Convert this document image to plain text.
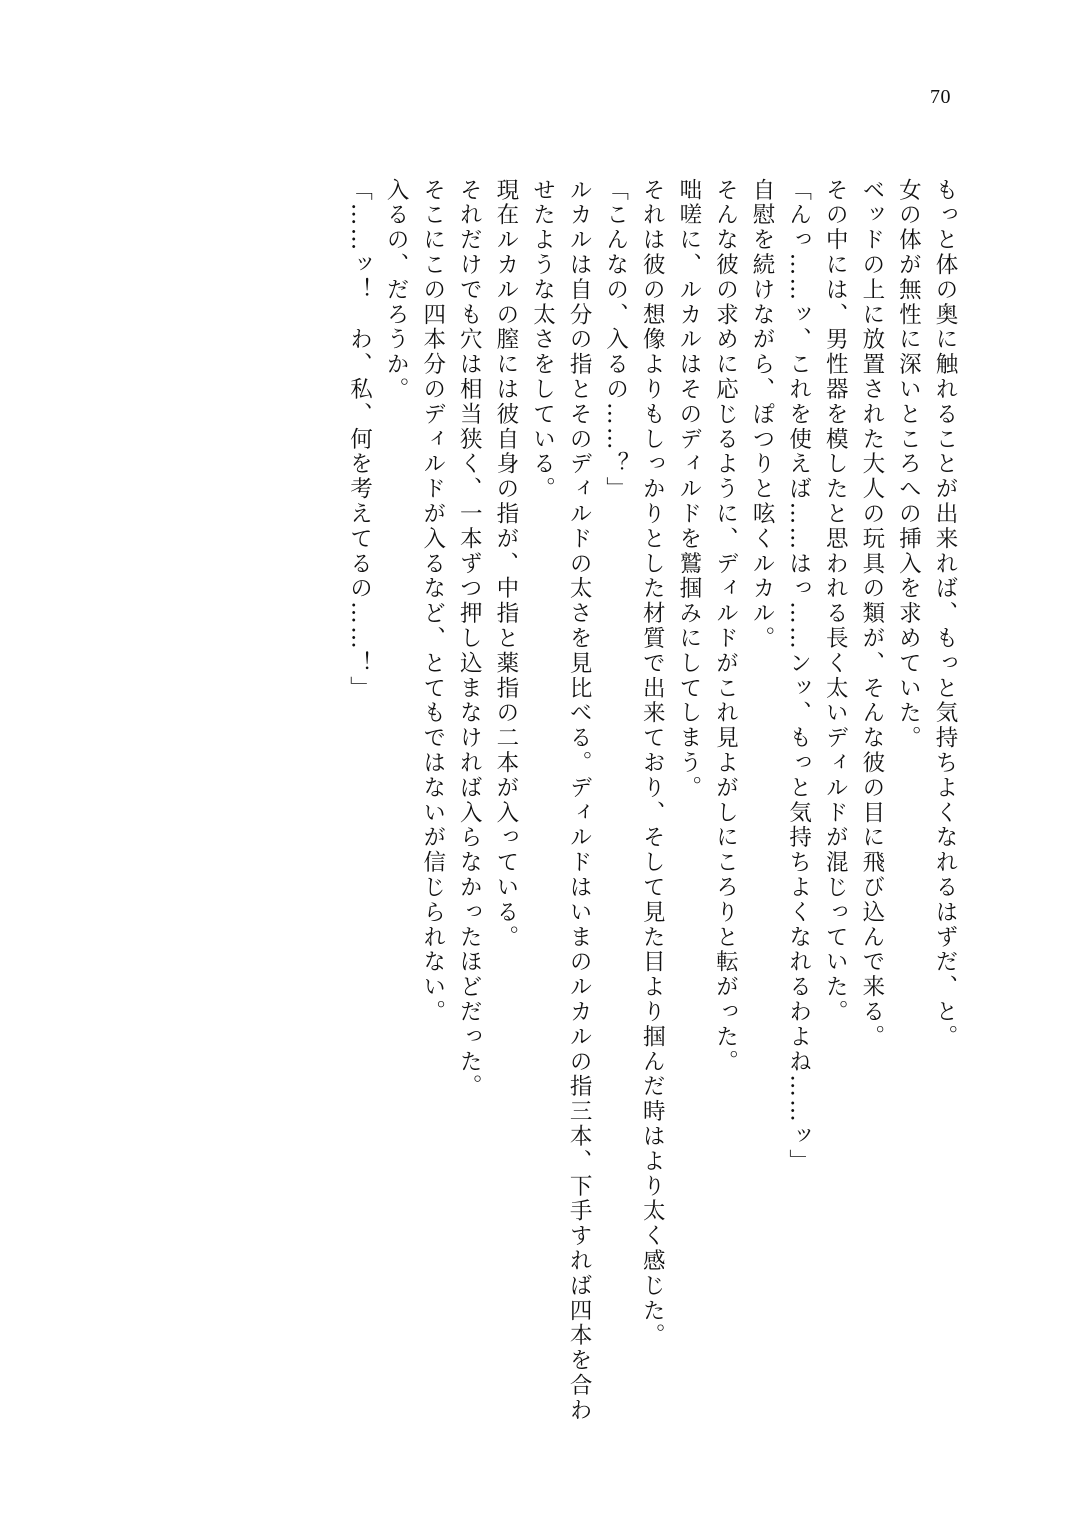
70
もっと体の奥に触れることが出来れば、もっと気持ちよくなれるはずだ、と。
女の体が無性に深いところへの挿入を求めていた。
ベッドの上に放置された大人の玩具の類が、そんな彼の目に飛び込んで来る。
その中には、男性器を模したと思われる長く太いディルドが混じっていた。
「んっ……ッ、これを使えば……はっ……ンッ、もっと気持ちよくなれるわよね……ッ」
自慰を続けながら、ぽつりと呟くルカル。
そんな彼の求めに応じるように、ディルドがこれ見よがしにころりと転がった。
咄嗟に、ルカルはそのディルドを鷲掴みにしてしまう。
それは彼の想像よりもしっかりとした材質で出来ており、そして見た目より掴んだ時はより太く感じた。
「こんなの、入るの……？」
ルカルは自分の指とそのディルドの太さを見比べる。ディルドはいまのルカルの指三本、下手すれば四本を合わ
せたような太さをしている。
現在ルカルの膣には彼自身の指が、中指と薬指の二本が入っている。
それだけでも穴は相当狭く、一本ずつ押し込まなければ入らなかったほどだった。
そこにこの四本分のディルドが入るなど、とてもではないが信じられない。
入るの、だろうか。
「……ッ！　わ、私、何を考えてるの……！」
